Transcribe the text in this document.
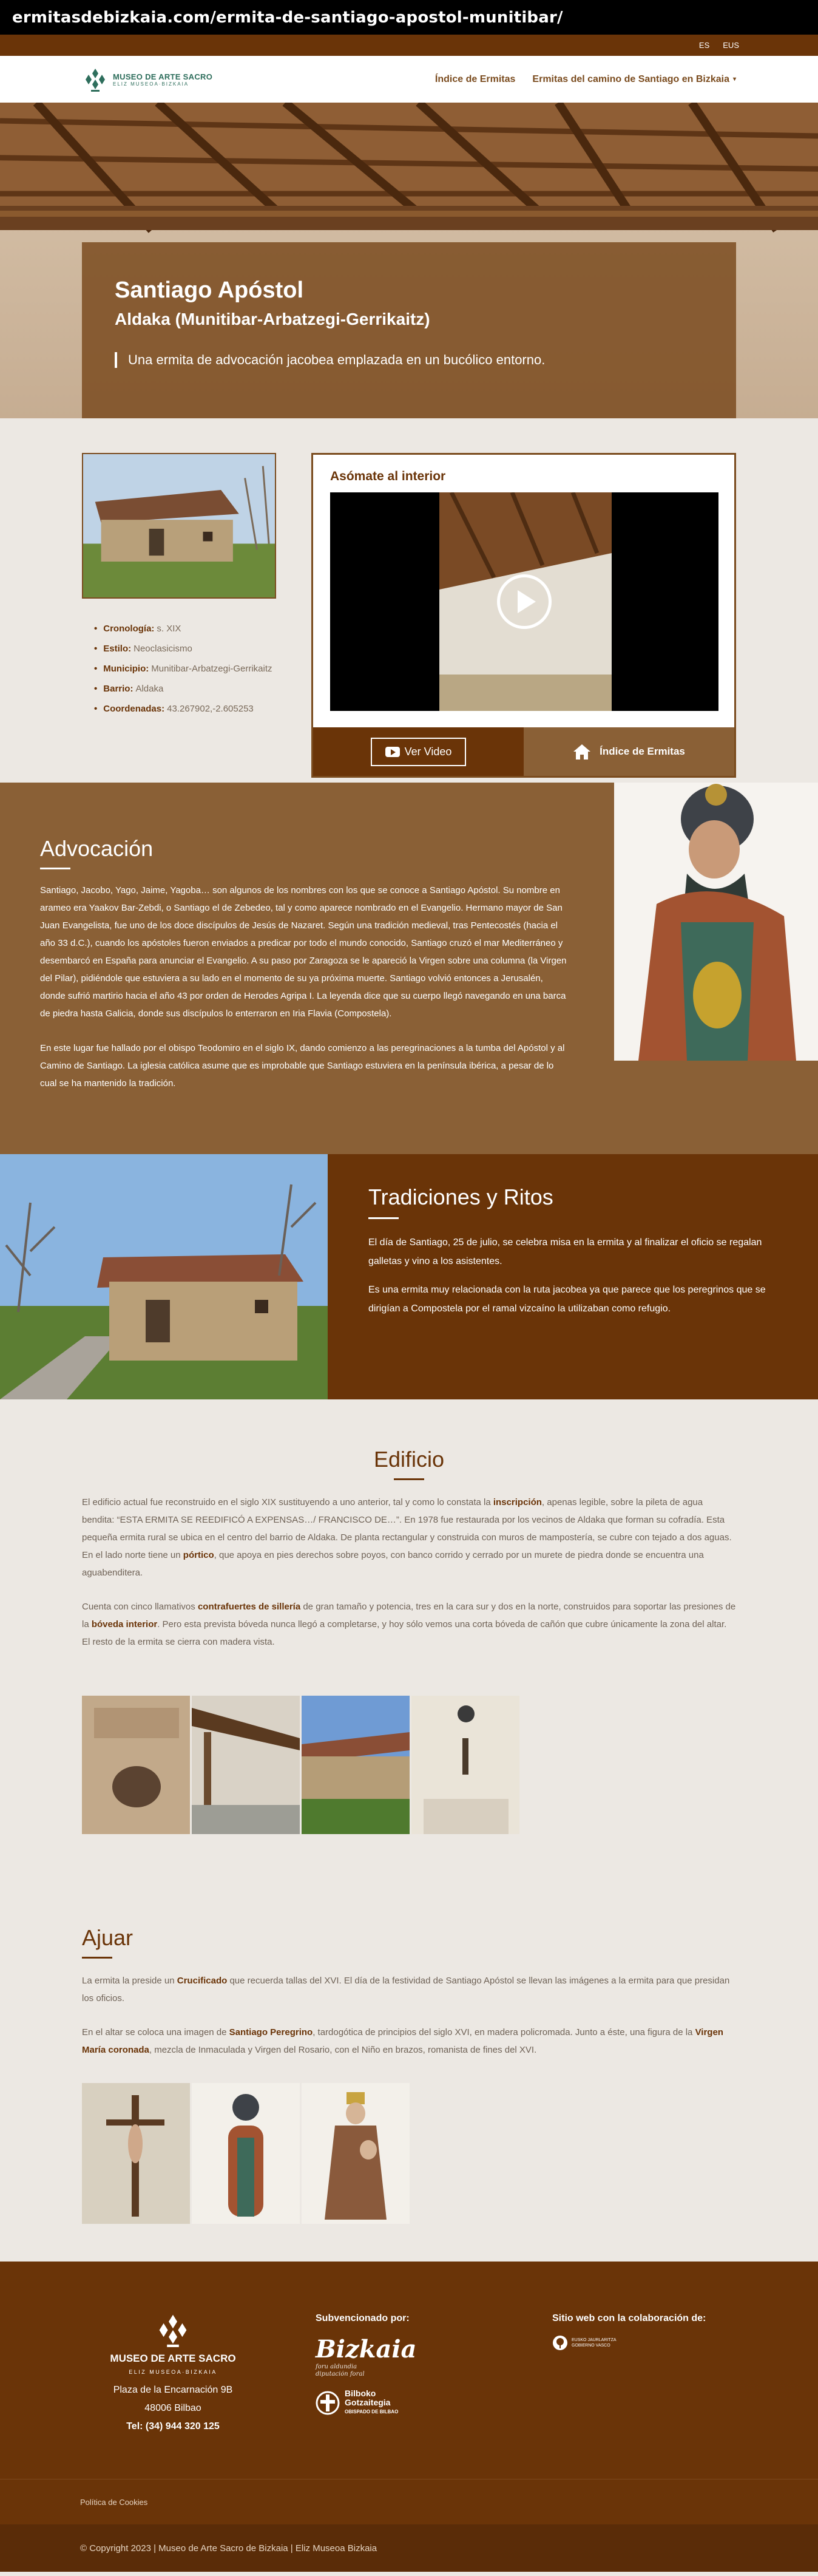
ermitasdebizkaia.com/ermita-de-santiago-apostol-munitibar/
ES EUS
MUSEO DE ARTE SACRO
ELIZ MUSEOA·BIZKAIA	Índice de Ermitas Ermitas del camino de Santiago en Bizkaia ▾
Santiago Apóstol
Aldaka (Munitibar-Arbatzegi-Gerrikaitz)
Una ermita de advocación jacobea emplazada en un bucólico entorno.
• Cronología: s. XIX
• Estilo: Neoclasicismo
• Municipio: Munitibar-Arbatzegi-Gerrikaitz
• Barrio: Aldaka
• Coordenadas: 43.267902,-2.605253
Asómate al interior
Ver Video	Índice de Ermitas
Advocación

Santiago, Jacobo, Yago, Jaime, Yagoba… son algunos de los nombres con los que se conoce a Santiago Apóstol. Su nombre en arameo era Yaakov Bar-Zebdi, o Santiago el de Zebedeo, tal y como aparece nombrado en el Evangelio. Hermano mayor de San Juan Evangelista, fue uno de los doce discípulos de Jesús de Nazaret. Según una tradición medieval, tras Pentecostés (hacia el año 33 d.C.), cuando los apóstoles fueron enviados a predicar por todo el mundo conocido, Santiago cruzó el mar Mediterráneo y desembarcó en España para anunciar el Evangelio. A su paso por Zaragoza se le apareció la Virgen sobre una columna (la Virgen del Pilar), pidiéndole que estuviera a su lado en el momento de su ya próxima muerte. Santiago volvió entonces a Jerusalén, donde sufrió martirio hacia el año 43 por orden de Herodes Agripa I. La leyenda dice que su cuerpo llegó navegando en una barca de piedra hasta Galicia, donde sus discípulos lo enterraron en Iria Flavia (Compostela).

En este lugar fue hallado por el obispo Teodomiro en el siglo IX, dando comienzo a las peregrinaciones a la tumba del Apóstol y al Camino de Santiago. La iglesia católica asume que es improbable que Santiago estuviera en la península ibérica, a pesar de lo cual se ha mantenido la tradición.

Tradiciones y Ritos

El día de Santiago, 25 de julio, se celebra misa en la ermita y al finalizar el oficio se regalan galletas y vino a los asistentes.

Es una ermita muy relacionada con la ruta jacobea ya que parece que los peregrinos que se dirigían a Compostela por el ramal vizcaíno la utilizaban como refugio.

Edificio

El edificio actual fue reconstruido en el siglo XIX sustituyendo a uno anterior, tal y como lo constata la inscripción, apenas legible, sobre la pileta de agua bendita: “ESTA ERMITA SE REEDIFICÓ A EXPENSAS…/ FRANCISCO DE…”. En 1978 fue restaurada por los vecinos de Aldaka que forman su cofradía. Esta pequeña ermita rural se ubica en el centro del barrio de Aldaka. De planta rectangular y construida con muros de mampostería, se cubre con tejado a dos aguas. En el lado norte tiene un pórtico, que apoya en pies derechos sobre poyos, con banco corrido y cerrado por un murete de piedra donde se encuentra una aguabenditera.

Cuenta con cinco llamativos contrafuertes de sillería de gran tamaño y potencia, tres en la cara sur y dos en la norte, construidos para soportar las presiones de la bóveda interior. Pero esta prevista bóveda nunca llegó a completarse, y hoy sólo vemos una corta bóveda de cañón que cubre únicamente la zona del altar. El resto de la ermita se cierra con madera vista.

Ajuar

La ermita la preside un Crucificado que recuerda tallas del XVI. El día de la festividad de Santiago Apóstol se llevan las imágenes a la ermita para que presidan los oficios.

En el altar se coloca una imagen de Santiago Peregrino, tardogótica de principios del siglo XVI, en madera policromada. Junto a éste, una figura de la Virgen María coronada, mezcla de Inmaculada y Virgen del Rosario, con el Niño en brazos, romanista de fines del XVI.

MUSEO DE ARTE SACRO
ELIZ MUSEOA·BIZKAIA
Plaza de la Encarnación 9B
48006 Bilbao
Tel: (34) 944 320 125
Subvencionado por:
Bizkaia
foru aldundia
diputación foral
Bilboko
Gotzaitegia
OBISPADO DE BILBAO
Sitio web con la colaboración de:
EUSKO JAURLARITZA
GOBIERNO VASCO
Política de Cookies
© Copyright 2023 | Museo de Arte Sacro de Bizkaia | Eliz Museoa Bizkaia
